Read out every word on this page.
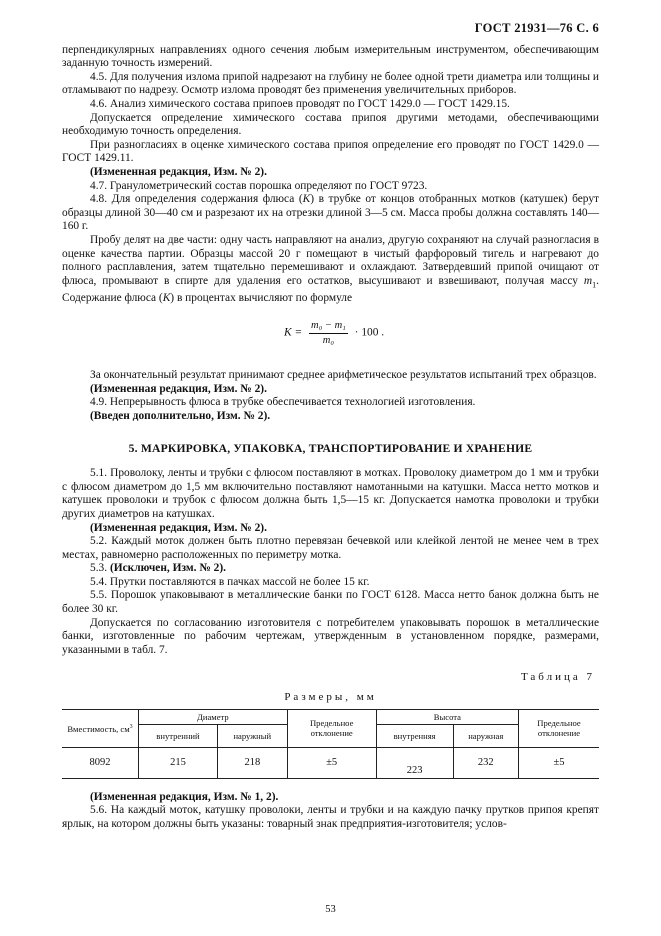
ГОСТ 21931—76 С. 6

перпендикулярных направлениях одного сечения любым измерительным инструментом, обеспечивающим заданную точность измерений.

4.5. Для получения излома припой надрезают на глубину не более одной трети диаметра или толщины и отламывают по надрезу. Осмотр излома проводят без применения увеличительных приборов.

4.6. Анализ химического состава припоев проводят по ГОСТ 1429.0 — ГОСТ 1429.15.

Допускается определение химического состава припоя другими методами, обеспечивающими необходимую точность определения.

При разногласиях в оценке химического состава припоя определение его проводят по ГОСТ 1429.0 — ГОСТ 1429.11.

(Измененная редакция, Изм. № 2).

4.7. Гранулометрический состав порошка определяют по ГОСТ 9723.

4.8. Для определения содержания флюса (К) в трубке от концов отобранных мотков (катушек) берут образцы длиной 30—40 см и разрезают их на отрезки длиной 3—5 см. Масса пробы должна составлять 140—160 г.

Пробу делят на две части: одну часть направляют на анализ, другую сохраняют на случай разногласия в оценке качества партии. Образцы массой 20 г помещают в чистый фарфоровый тигель и нагревают до полного расплавления, затем тщательно перемешивают и охлаждают. Затвердевший припой очищают от флюса, промывают в спирте для удаления его остатков, высушивают и взвешивают, получая массу $m_1$. Содержание флюса (К) в процентах вычисляют по формуле

$K = \frac{\text{m₀ − m₁}}{\text{m₀}} \cdot 100$ .

За окончательный результат принимают среднее арифметическое результатов испытаний трех образцов.

(Измененная редакция, Изм. № 2).

4.9. Непрерывность флюса в трубке обеспечивается технологией изготовления.

(Введен дополнительно, Изм. № 2).

5. МАРКИРОВКА, УПАКОВКА, ТРАНСПОРТИРОВАНИЕ И ХРАНЕНИЕ

5.1. Проволоку, ленты и трубки с флюсом поставляют в мотках. Проволоку диаметром до 1 мм и трубки с флюсом диаметром до 1,5 мм включительно поставляют намотанными на катушки. Масса нетто мотков и катушек проволоки и трубок с флюсом должна быть 1,5—15 кг. Допускается намотка проволоки и трубки других диаметров на катушках.

(Измененная редакция, Изм. № 2).

5.2. Каждый моток должен быть плотно перевязан бечевкой или клейкой лентой не менее чем в трех местах, равномерно расположенных по периметру мотка.

5.3. (Исключен, Изм. № 2).

5.4. Прутки поставляются в пачках массой не более 15 кг.

5.5. Порошок упаковывают в металлические банки по ГОСТ 6128. Масса нетто банок должна быть не более 30 кг.

Допускается по согласованию изготовителя с потребителем упаковывать порошок в металлические банки, изготовленные по рабочим чертежам, утвержденным в установленном порядке, размерами, указанными в табл. 7.

Таблица 7
Размеры, мм
Вместимость, $см^3$	Диаметр		Предельное отклонение	Высота		Предельное отклонение
	внутренний	наружный		внутренняя	наружная	
8092	215	218	±5	223	232	±5

(Измененная редакция, Изм. № 1, 2).

5.6. На каждый моток, катушку проволоки, ленты и трубки и на каждую пачку прутков припоя крепят ярлык, на котором должны быть указаны: товарный знак предприятия-изготовителя; услов-

53
